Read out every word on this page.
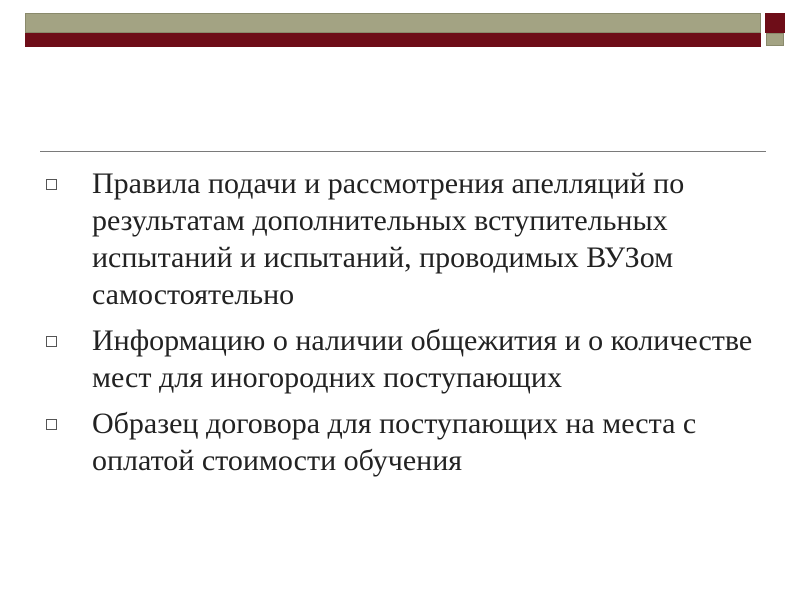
Правила подачи и рассмотрения апелляций по результатам дополнительных вступительных испытаний и испытаний, проводимых ВУЗом самостоятельно
Информацию о наличии общежития и о количестве мест для иногородних поступающих
Образец договора для поступающих на места с оплатой стоимости обучения
